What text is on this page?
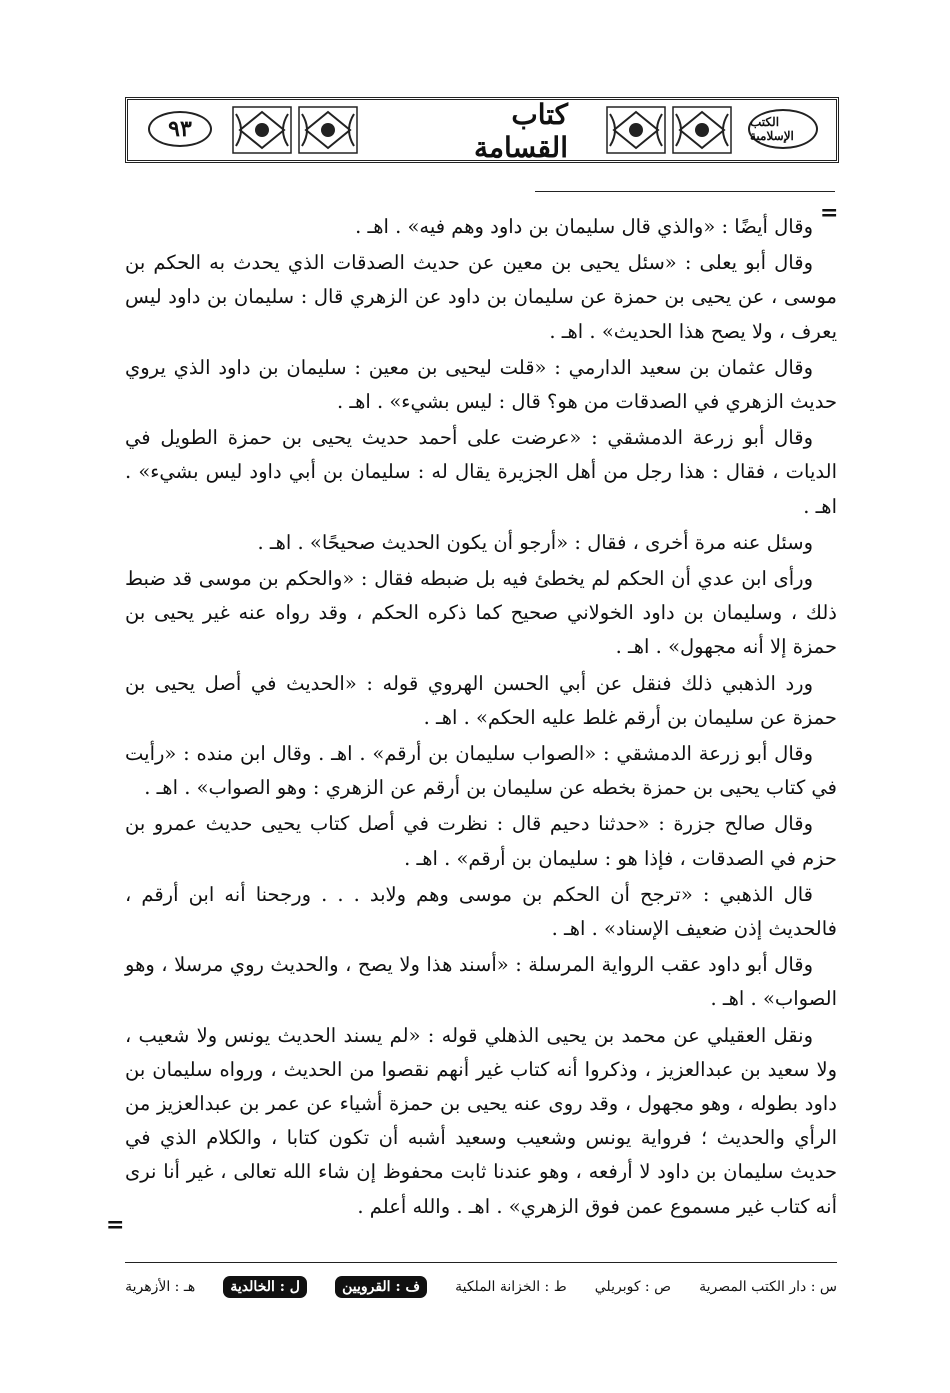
٩٣	كتاب القسامة
الكتب الإسلامية
=
=

وقال أيضًا : «والذي قال سليمان بن داود وهم فيه» . اهـ .

وقال أبو يعلى : «سئل يحيى بن معين عن حديث الصدقات الذي يحدث به الحكم بن موسى ، عن يحيى بن حمزة عن سليمان بن داود عن الزهري قال : سليمان بن داود ليس يعرف ، ولا يصح هذا الحديث» . اهـ .

وقال عثمان بن سعيد الدارمي : «قلت ليحيى بن معين : سليمان بن داود الذي يروي حديث الزهري في الصدقات من هو؟ قال : ليس بشيء» . اهـ .

وقال أبو زرعة الدمشقي : «عرضت على أحمد حديث يحيى بن حمزة الطويل في الديات ، فقال : هذا رجل من أهل الجزيرة يقال له : سليمان بن أبي داود ليس بشيء» . اهـ .

وسئل عنه مرة أخرى ، فقال : «أرجو أن يكون الحديث صحيحًا» . اهـ .

ورأى ابن عدي أن الحكم لم يخطئ فيه بل ضبطه فقال : «والحكم بن موسى قد ضبط ذلك ، وسليمان بن داود الخولاني صحيح كما ذكره الحكم ، وقد رواه عنه غير يحيى بن حمزة إلا أنه مجهول» . اهـ .

ورد الذهبي ذلك فنقل عن أبي الحسن الهروي قوله : «الحديث في أصل يحيى بن حمزة عن سليمان بن أرقم غلط عليه الحكم» . اهـ .

وقال أبو زرعة الدمشقي : «الصواب سليمان بن أرقم» . اهـ . وقال ابن منده : «رأيت في كتاب يحيى بن حمزة بخطه عن سليمان بن أرقم عن الزهري : وهو الصواب» . اهـ .

وقال صالح جزرة : «حدثنا دحيم قال : نظرت في أصل كتاب يحيى حديث عمرو بن حزم في الصدقات ، فإذا هو : سليمان بن أرقم» . اهـ .

قال الذهبي : «ترجح أن الحكم بن موسى وهم ولابد . . . ورجحنا أنه ابن أرقم ، فالحديث إذن ضعيف الإسناد» . اهـ .

وقال أبو داود عقب الرواية المرسلة : «أسند هذا ولا يصح ، والحديث روي مرسلا ، وهو الصواب» . اهـ .

ونقل العقيلي عن محمد بن يحيى الذهلي قوله : «لم يسند الحديث يونس ولا شعيب ، ولا سعيد بن عبدالعزيز ، وذكروا أنه كتاب غير أنهم نقصوا من الحديث ، ورواه سليمان بن داود بطوله ، وهو مجهول ، وقد روى عنه يحيى بن حمزة أشياء عن عمر بن عبدالعزيز من الرأي والحديث ؛ فرواية يونس وشعيب وسعيد أشبه أن تكون كتابا ، والكلام الذي في حديث سليمان بن داود لا أرفعه ، وهو عندنا ثابت محفوظ إن شاء الله تعالى ، غير أنا نرى أنه كتاب غير مسموع عمن فوق الزهري» . اهـ . والله أعلم .

س : دار الكتب المصرية
ص : كوبريلي
ط : الخزانة الملكية
ف : القرويين
ل : الخالدية
هـ : الأزهرية
